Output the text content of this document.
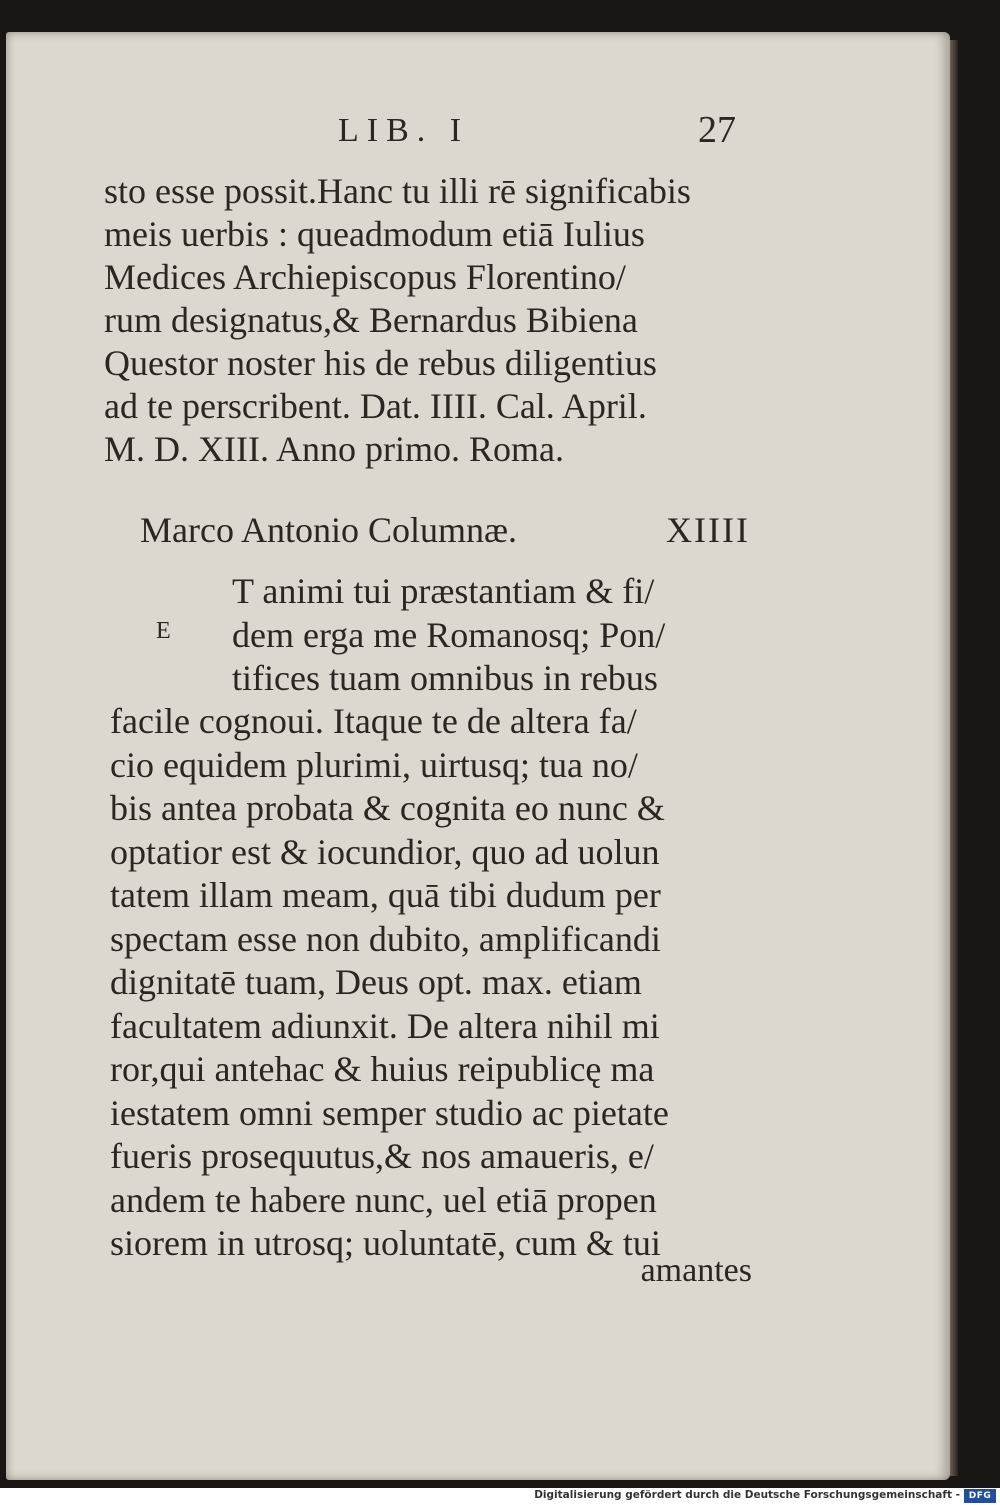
LIB. I	27
sto esse possit.Hanc tu illi rē significabis
meis uerbis : queadmodum etiā Iulius
Medices Archiepiscopus Florentino/
rum designatus,& Bernardus Bibiena
Questor noster his de rebus diligentius
ad te perscribent. Dat. IIII. Cal. April.
M. D. XIII. Anno primo. Roma.
Marco Antonio Columnæ.	XIIII
E
T animi tui præstantiam & fi/
dem erga me Romanosq; Pon/
tifices tuam omnibus in rebus
facile cognoui. Itaque te de altera fa/
cio equidem plurimi, uirtusq; tua no/
bis antea probata & cognita eo nunc &
optatior est & iocundior, quo ad uolun
tatem illam meam, quā tibi dudum per
spectam esse non dubito, amplificandi
dignitatē tuam, Deus opt. max. etiam
facultatem adiunxit. De altera nihil mi
ror,qui antehac & huius reipublicę ma
iestatem omni semper studio ac pietate
fueris prosequutus,& nos amaueris, e/
andem te habere nunc, uel etiā propen
siorem in utrosq; uoluntatē, cum & tui
amantes
Digitalisierung gefördert durch die Deutsche Forschungsgemeinschaft - DFG
